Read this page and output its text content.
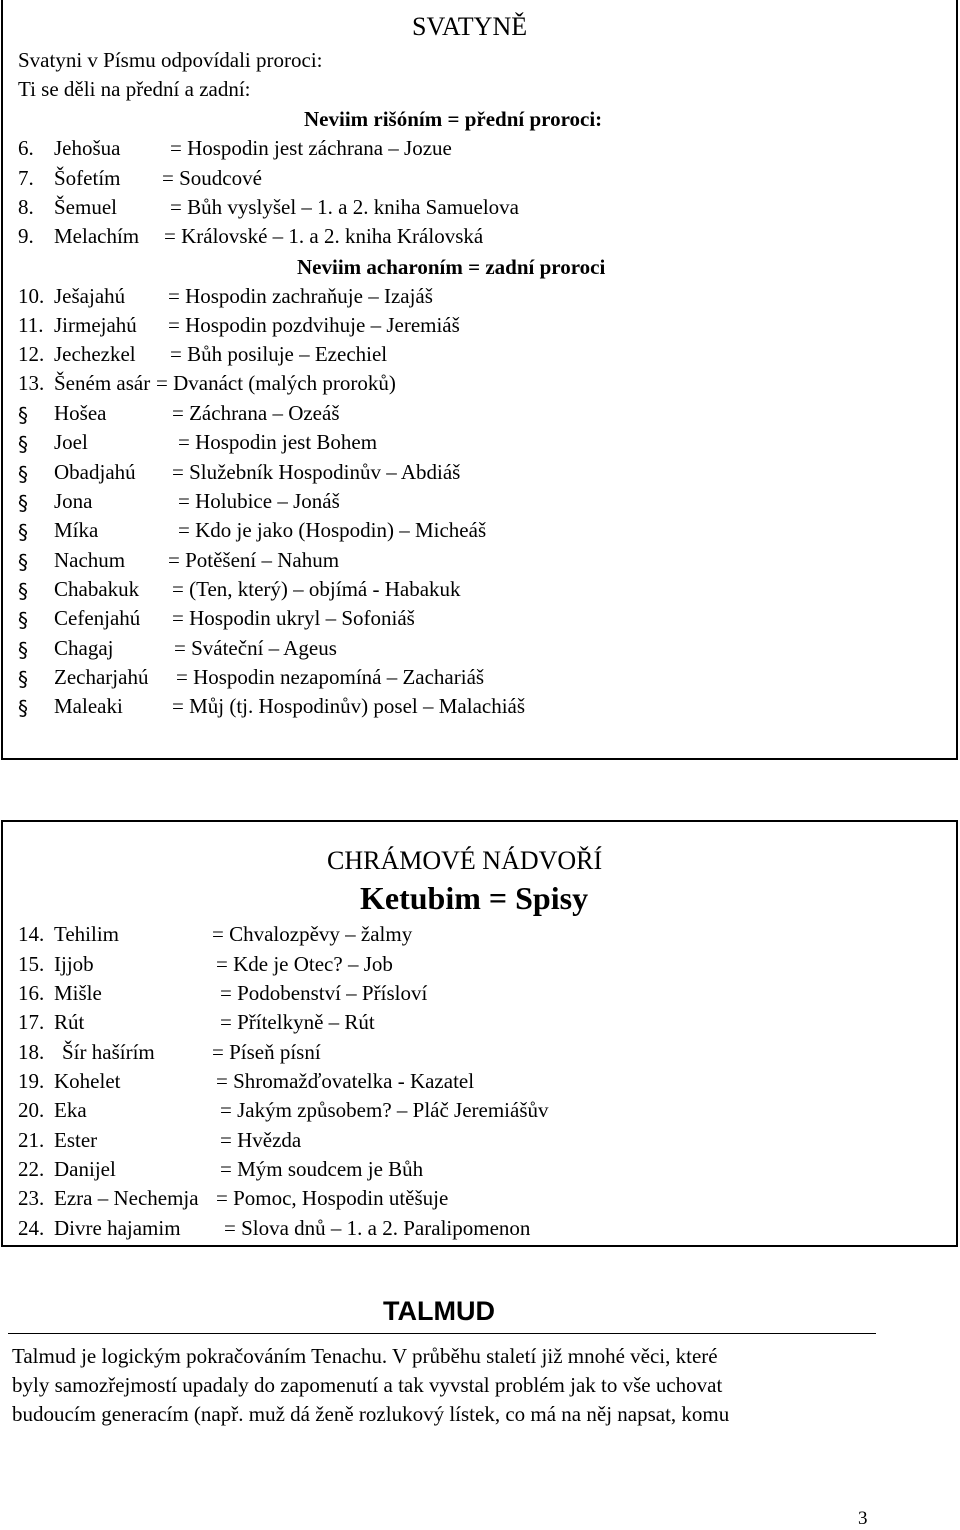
SVATYNĚ
Svatyni v Písmu odpovídali proroci:
Ti se děli na přední a zadní:
Neviim rišóním = přední proroci:
6. Jehošua = Hospodin jest záchrana – Jozue
7. Šofetím = Soudcové
8. Šemuel	= Bůh vyslyšel – 1. a 2. kniha Samuelova
9. Melachím = Královské – 1. a 2. kniha Královská
Neviim acharoním = zadní proroci
10. Ješajahú = Hospodin zachraňuje – Izajáš
11. Jirmejahú = Hospodin pozdvihuje – Jeremiáš
12. Jechezkel = Bůh posiluje – Ezechiel
13. Šeném asár = Dvanáct (malých proroků)
§ Hošea	= Záchrana – Ozeáš
§ Joel	= Hospodin jest Bohem
§ Obadjahú = Služebník Hospodinův – Abdiáš
§ Jona	= Holubice – Jonáš
§ Míka	= Kdo je jako (Hospodin) – Micheáš
§ Nachum = Potěšení – Nahum
§ Chabakuk = (Ten, který) – objímá - Habakuk
§ Cefenjahú = Hospodin ukryl – Sofoniáš
§ Chagaj	= Sváteční – Ageus
§ Zecharjahú = Hospodin nezapomíná – Zachariáš
§ Maleaki = Můj (tj. Hospodinův) posel – Malachiáš
CHRÁMOVÉ NÁDVOŘÍ
Ketubim = Spisy
14. Tehilim	= Chvalozpěvy – žalmy
15. Ijjob	= Kde je Otec? – Job
16. Mišle	= Podobenství – Přísloví
17. Rút	= Přítelkyně – Rút
18. Šír hašírím	= Píseň písní
19. Kohelet	= Shromažďovatelka - Kazatel
20. Eka	= Jakým způsobem? – Pláč Jeremiášův
21. Ester	= Hvězda
22. Danijel	= Mým soudcem je Bůh
23. Ezra – Nechemja = Pomoc, Hospodin utěšuje
24. Divre hajamim = Slova dnů – 1. a 2. Paralipomenon
TALMUD
Talmud je logickým pokračováním Tenachu. V průběhu staletí již mnohé věci, které
byly samozřejmostí upadaly do zapomenutí a tak vyvstal problém jak to vše uchovat
budoucím generacím (např. muž dá ženě rozlukový lístek, co má na něj napsat, komu
3
